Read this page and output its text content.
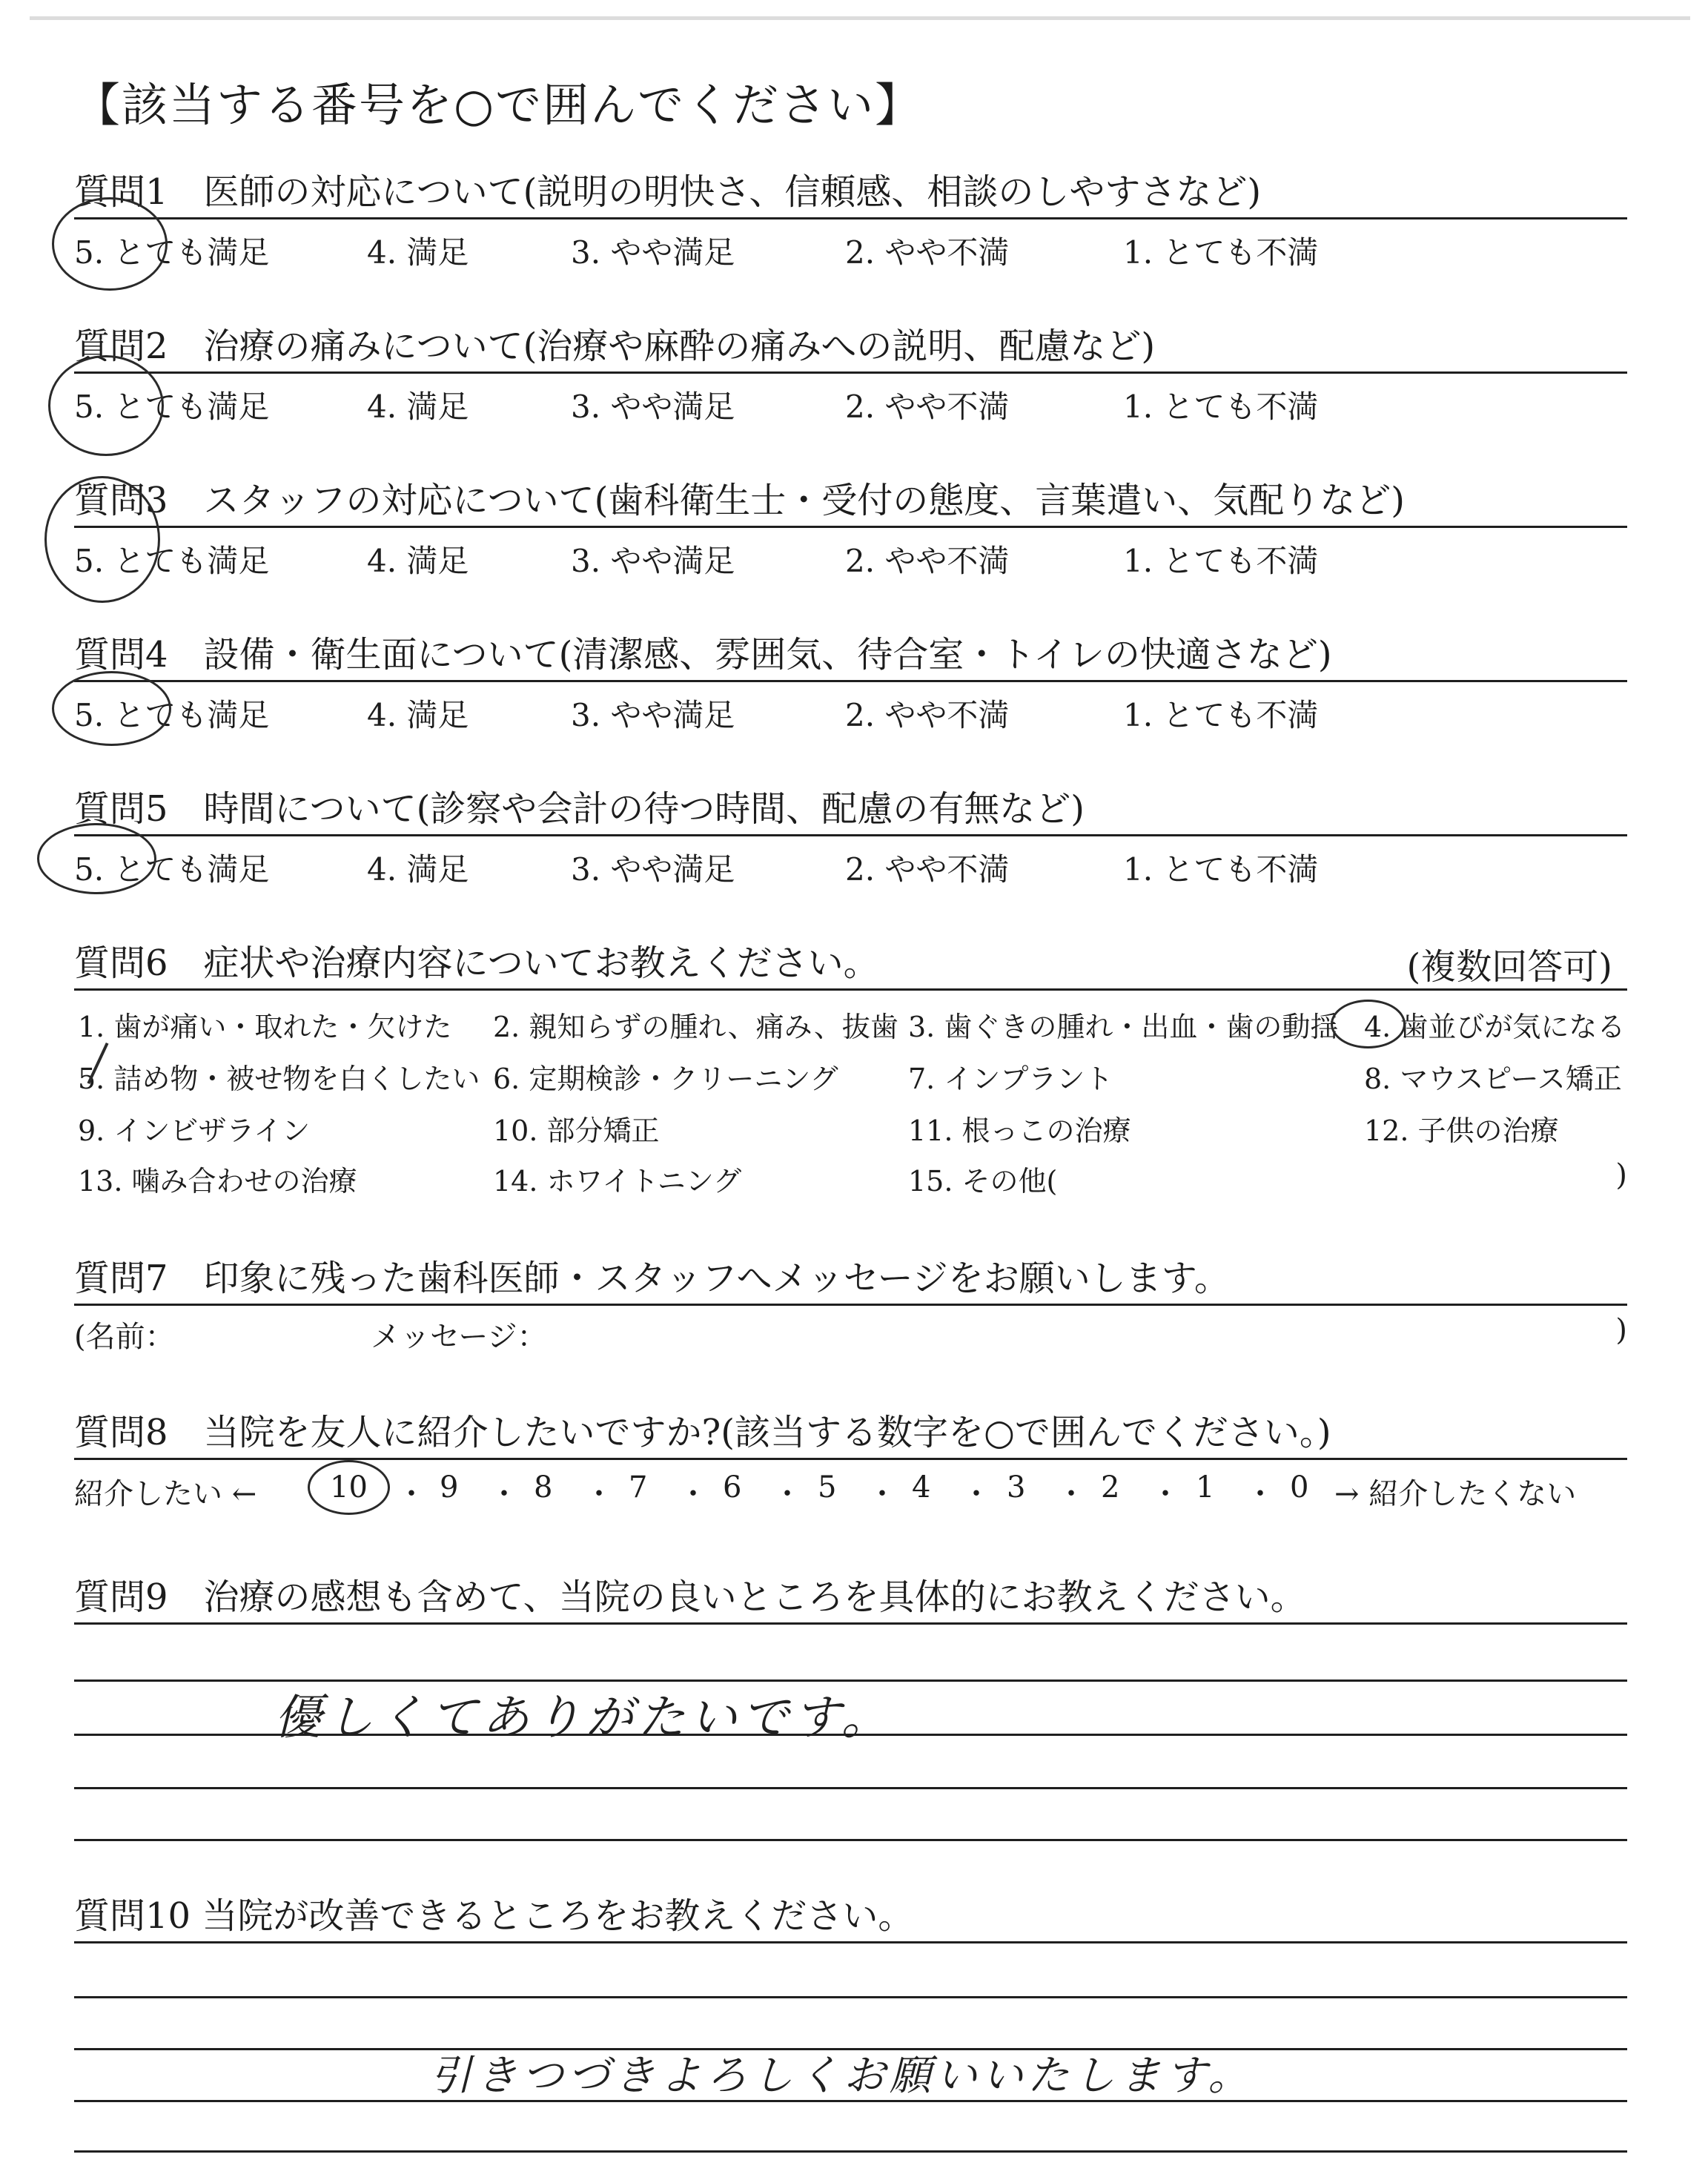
【該当する番号を○で囲んでください】
質問1　医師の対応について(説明の明快さ、信頼感、相談のしやすさなど)
5. とても満足	4. 満足	3. やや満足	2. やや不満	1. とても不満
質問2　治療の痛みについて(治療や麻酔の痛みへの説明、配慮など)
5. とても満足	4. 満足	3. やや満足	2. やや不満	1. とても不満
質問3　スタッフの対応について(歯科衛生士・受付の態度、言葉遣い、気配りなど)
5. とても満足	4. 満足	3. やや満足	2. やや不満	1. とても不満
質問4　設備・衛生面について(清潔感、雰囲気、待合室・トイレの快適さなど)
5. とても満足	4. 満足	3. やや満足	2. やや不満	1. とても不満
質問5　時間について(診察や会計の待つ時間、配慮の有無など)
5. とても満足	4. 満足	3. やや満足	2. やや不満	1. とても不満
質問6　症状や治療内容についてお教えください。	(複数回答可)
1. 歯が痛い・取れた・欠けた 2. 親知らずの腫れ、痛み、抜歯 3. 歯ぐきの腫れ・出血・歯の動揺 4. 歯並びが気になる
5. 詰め物・被せ物を白くしたい 6. 定期検診・クリーニング 7. インプラント	8. マウスピース矯正
9. インビザライン	10. 部分矯正	11. 根っこの治療	12. 子供の治療
13. 噛み合わせの治療	14. ホワイトニング	15. その他(	)
質問7　印象に残った歯科医師・スタッフへメッセージをお願いします。
(名前：	メッセージ：	)
質問8　当院を友人に紹介したいですか?(該当する数字を○で囲んでください。)
紹介したい ← 10 ・ 9 ・ 8 ・ 7 ・ 6 ・ 5 ・ 4 ・ 3 ・ 2 ・ 1 ・ 0 → 紹介したくない
質問9　治療の感想も含めて、当院の良いところを具体的にお教えください。
優しくてありがたいです。
質問10 当院が改善できるところをお教えください。
引きつづきよろしくお願いいたします。
